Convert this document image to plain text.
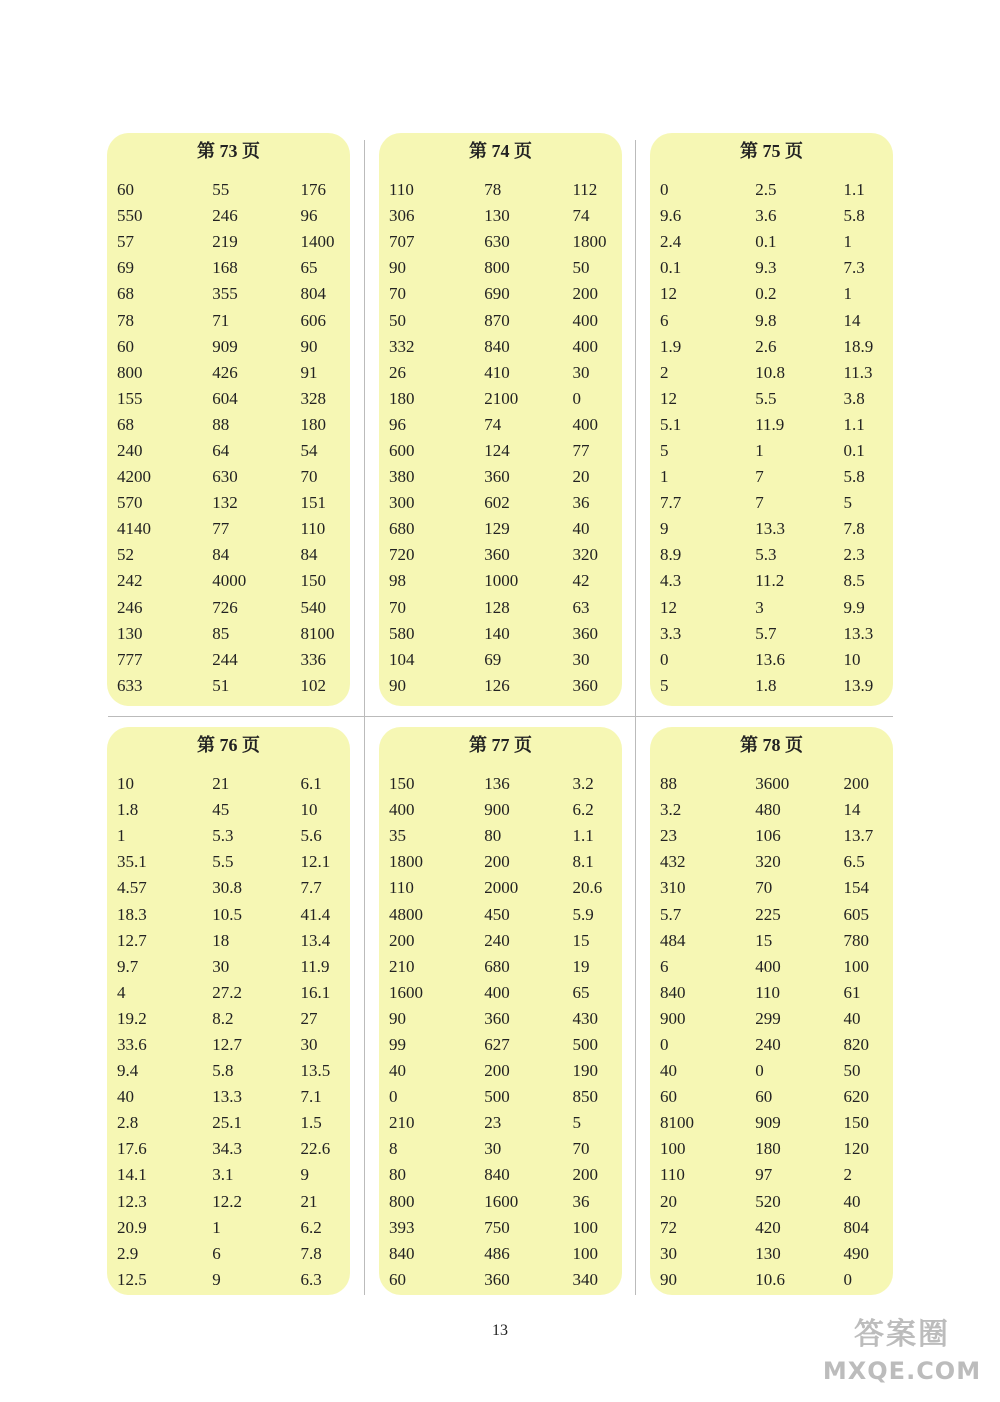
第 73 页
60	55	176
550	246	96
57	219	1400
69	168	65
68	355	804
78	71	606
60	909	90
800	426	91
155	604	328
68	88	180
240	64	54
4200	630	70
570	132	151
4140	77	110
52	84	84
242	4000	150
246	726	540
130	85	8100
777	244	336
633	51	102
第 74 页
110	78	112
306	130	74
707	630	1800
90	800	50
70	690	200
50	870	400
332	840	400
26	410	30
180	2100	0
96	74	400
600	124	77
380	360	20
300	602	36
680	129	40
720	360	320
98	1000	42
70	128	63
580	140	360
104	69	30
90	126	360
第 75 页
0	2.5	1.1
9.6	3.6	5.8
2.4	0.1	1
0.1	9.3	7.3
12	0.2	1
6	9.8	14
1.9	2.6	18.9
2	10.8	11.3
12	5.5	3.8
5.1	11.9	1.1
5	1	0.1
1	7	5.8
7.7	7	5
9	13.3	7.8
8.9	5.3	2.3
4.3	11.2	8.5
12	3	9.9
3.3	5.7	13.3
0	13.6	10
5	1.8	13.9
第 76 页
10	21	6.1
1.8	45	10
1	5.3	5.6
35.1	5.5	12.1
4.57	30.8	7.7
18.3	10.5	41.4
12.7	18	13.4
9.7	30	11.9
4	27.2	16.1
19.2	8.2	27
33.6	12.7	30
9.4	5.8	13.5
40	13.3	7.1
2.8	25.1	1.5
17.6	34.3	22.6
14.1	3.1	9
12.3	12.2	21
20.9	1	6.2
2.9	6	7.8
12.5	9	6.3
第 77 页
150	136	3.2
400	900	6.2
35	80	1.1
1800	200	8.1
110	2000	20.6
4800	450	5.9
200	240	15
210	680	19
1600	400	65
90	360	430
99	627	500
40	200	190
0	500	850
210	23	5
8	30	70
80	840	200
800	1600	36
393	750	100
840	486	100
60	360	340
第 78 页
88	3600	200
3.2	480	14
23	106	13.7
432	320	6.5
310	70	154
5.7	225	605
484	15	780
6	400	100
840	110	61
900	299	40
0	240	820
40	0	50
60	60	620
8100	909	150
100	180	120
110	97	2
20	520	40
72	420	804
30	130	490
90	10.6	0
13	答案圈
MXQE.COM
